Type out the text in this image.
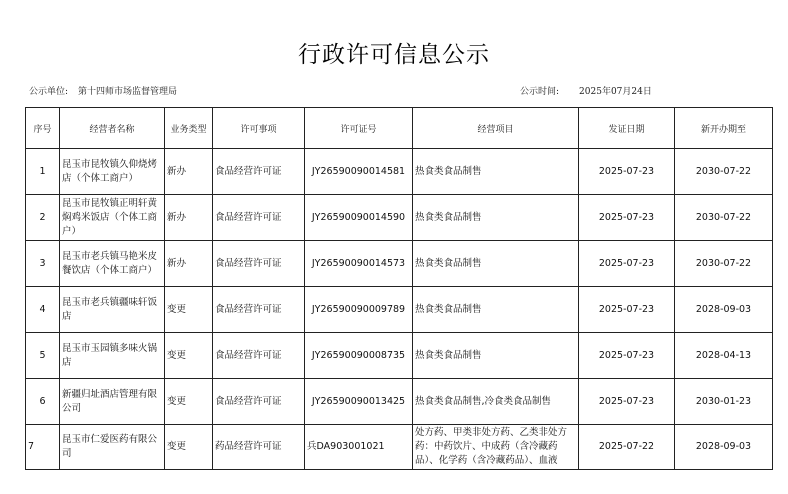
行政许可信息公示
公示单位: 第十四师市场监督管理局	公示时间: 2025年07月24日
序号	经营者名称	业务类型	许可事项	许可证号	经营项目	发证日期	新开办期至
1	昆玉市昆牧镇久仰烧烤店（个体工商户）	新办	食品经营许可证	JY26590090014581	热食类食品制售	2025-07-23	2030-07-22
2	昆玉市昆牧镇正明轩黄焖鸡米饭店（个体工商户）	新办	食品经营许可证	JY26590090014590	热食类食品制售	2025-07-23	2030-07-22
3	昆玉市老兵镇马艳米皮餐饮店（个体工商户）	新办	食品经营许可证	JY26590090014573	热食类食品制售	2025-07-23	2030-07-22
4	昆玉市老兵镇疆味轩饭店	变更	食品经营许可证	JY26590090009789	热食类食品制售	2025-07-23	2028-09-03
5	昆玉市玉园镇多味火锅店	变更	食品经营许可证	JY26590090008735	热食类食品制售	2025-07-23	2028-04-13
6	新疆归址酒店管理有限公司	变更	食品经营许可证	JY26590090013425	热食类食品制售,冷食类食品制售	2025-07-23	2030-01-23
7	昆玉市仁爱医药有限公司	变更	药品经营许可证	兵DA903001021	处方药、甲类非处方药、乙类非处方药：中药饮片、中成药（含冷藏药品）、化学药（含冷藏药品）、血液	2025-07-22	2028-09-03
